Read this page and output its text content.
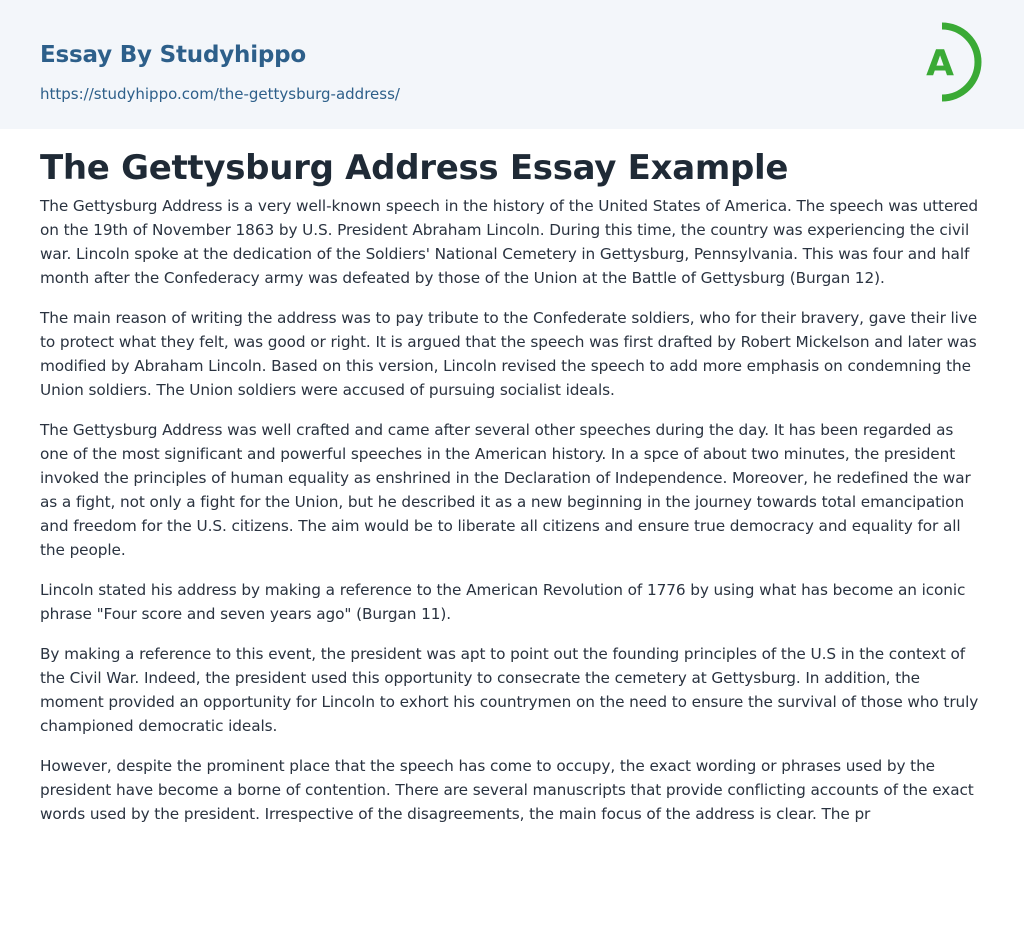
Essay By Studyhippo
https://studyhippo.com/the-gettysburg-address/
A
The Gettysburg Address Essay Example

The Gettysburg Address is a very well-known speech in the history of the United States of America. The speech was uttered on the 19th of November 1863 by U.S. President Abraham Lincoln. During this time, the country was experiencing the civil war. Lincoln spoke at the dedication of the Soldiers' National Cemetery in Gettysburg, Pennsylvania. This was four and half month after the Confederacy army was defeated by those of the Union at the Battle of Gettysburg (Burgan 12).

The main reason of writing the address was to pay tribute to the Confederate soldiers, who for their bravery, gave their live to protect what they felt, was good or right. It is argued that the speech was first drafted by Robert Mickelson and later was modified by Abraham Lincoln. Based on this version, Lincoln revised the speech to add more emphasis on condemning the Union soldiers. The Union soldiers were accused of pursuing socialist ideals.

The Gettysburg Address was well crafted and came after several other speeches during the day. It has been regarded as one of the most significant and powerful speeches in the American history. In a spce of about two minutes, the president invoked the principles of human equality as enshrined in the Declaration of Independence. Moreover, he redefined the war as a fight, not only a fight for the Union, but he described it as a new beginning in the journey towards total emancipation and freedom for the U.S. citizens. The aim would be to liberate all citizens and ensure true democracy and equality for all the people.

Lincoln stated his address by making a reference to the American Revolution of 1776 by using what has become an iconic phrase "Four score and seven years ago" (Burgan 11).

By making a reference to this event, the president was apt to point out the founding principles of the U.S in the context of the Civil War. Indeed, the president used this opportunity to consecrate the cemetery at Gettysburg. In addition, the moment provided an opportunity for Lincoln to exhort his countrymen on the need to ensure the survival of those who truly championed democratic ideals.

However, despite the prominent place that the speech has come to occupy, the exact wording or phrases used by the president have become a borne of contention. There are several manuscripts that provide conflicting accounts of the exact words used by the president. Irrespective of the disagreements, the main focus of the address is clear. The pr
